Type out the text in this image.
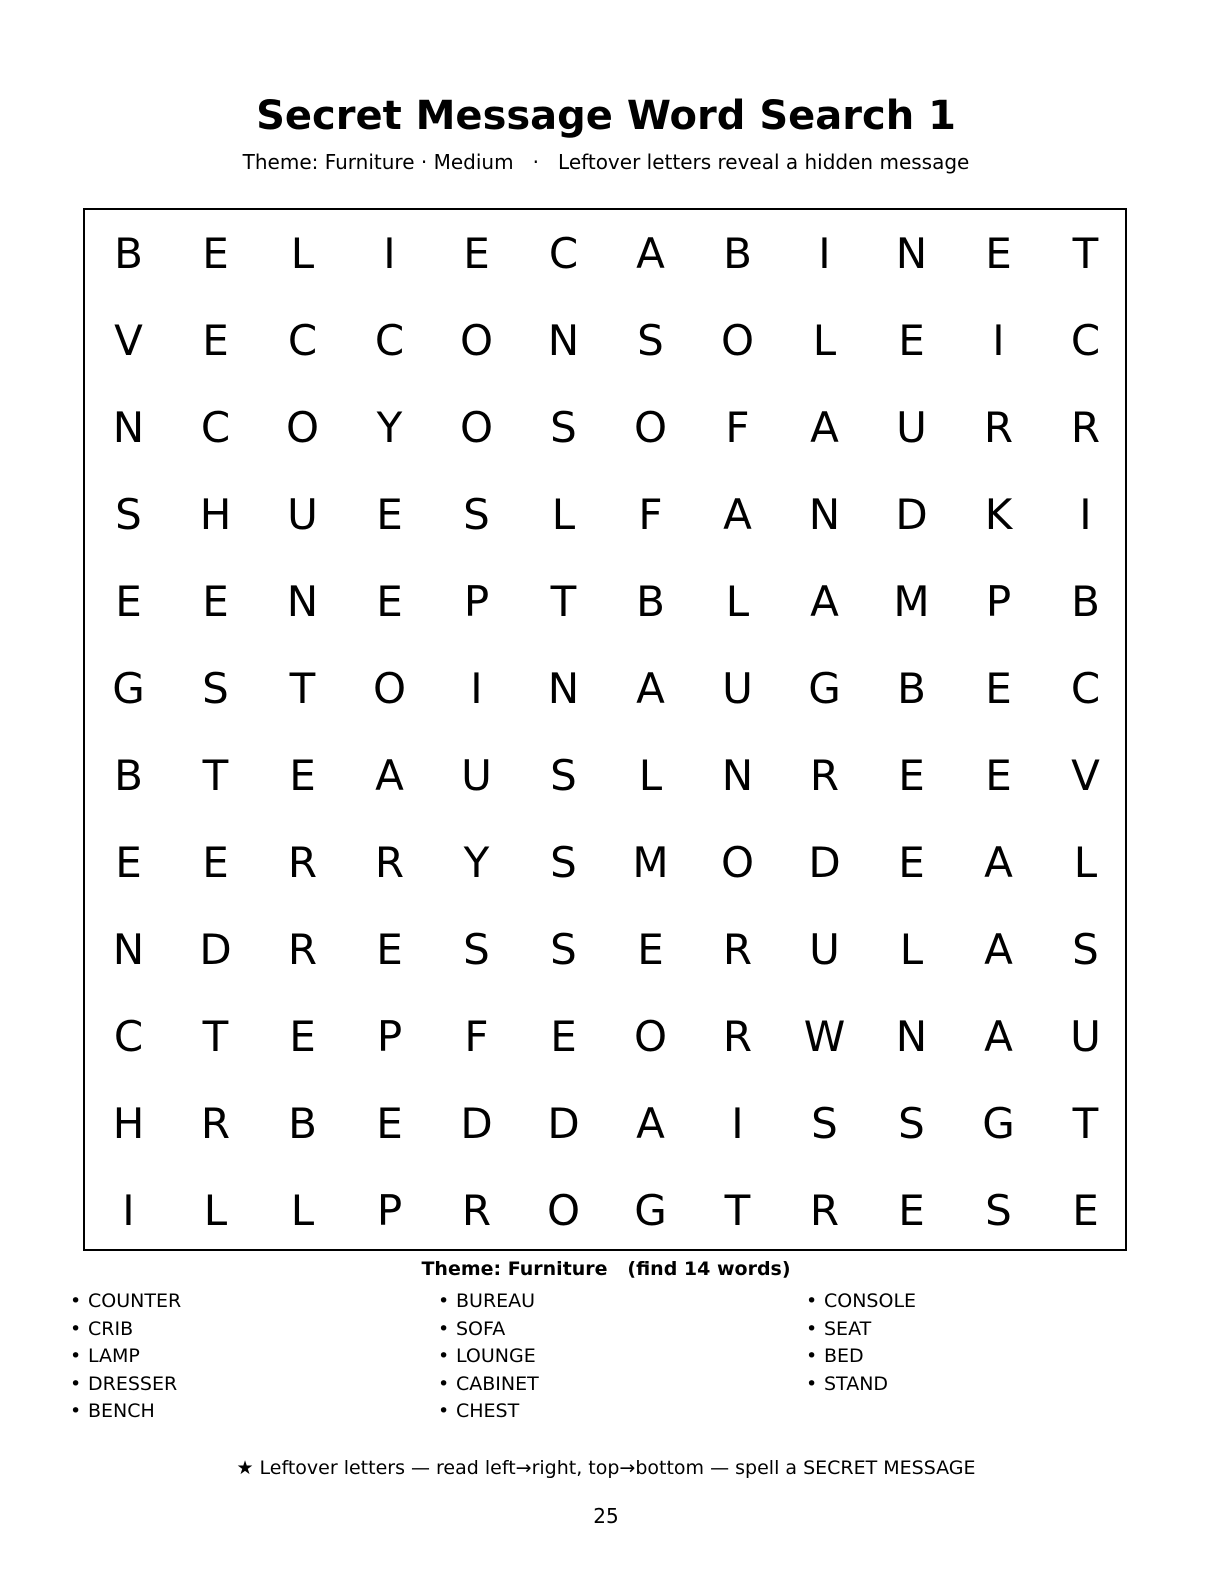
Secret Message Word Search 1
Theme: Furniture · Medium   ·   Leftover letters reveal a hidden message
B	E	L	I	E	C	A	B	I	N	E	T
V	E	C	C	O	N	S	O	L	E	I	C
N	C	O	Y	O	S	O	F	A	U	R	R
S	H	U	E	S	L	F	A	N	D	K	I
E	E	N	E	P	T	B	L	A	M	P	B
G	S	T	O	I	N	A	U	G	B	E	C
B	T	E	A	U	S	L	N	R	E	E	V
E	E	R	R	Y	S	M	O	D	E	A	L
N	D	R	E	S	S	E	R	U	L	A	S
C	T	E	P	F	E	O	R	W	N	A	U
H	R	B	E	D	D	A	I	S	S	G	T
I	L	L	P	R	O	G	T	R	E	S	E
Theme: Furniture   (find 14 words)
• COUNTER
• CRIB
• LAMP
• DRESSER
• BENCH
• BUREAU
• SOFA
• LOUNGE
• CABINET
• CHEST
• CONSOLE
• SEAT
• BED
• STAND
★ Leftover letters — read left→right, top→bottom — spell a SECRET MESSAGE
25
